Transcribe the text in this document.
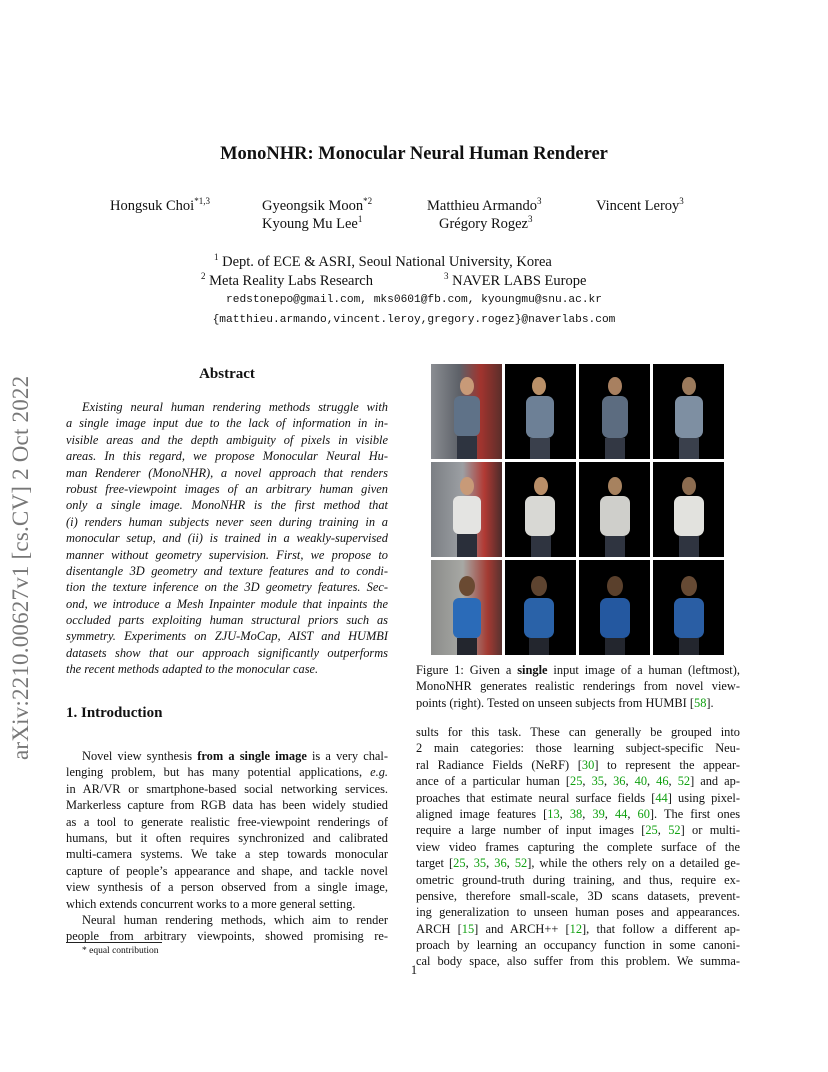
arXiv:2210.00627v1 [cs.CV] 2 Oct 2022
MonoNHR: Monocular Neural Human Renderer
Hongsuk Choi$^{*1,3}$	Gyeongsik Moon$^{*2}$	Matthieu Armando$^3$	Vincent Leroy$^3$
Kyoung Mu Lee$^1$	Grégory Rogez$^3$
$^1$ Dept. of ECE & ASRI, Seoul National University, Korea
$^2$ Meta Reality Labs Research	$^3$ NAVER LABS Europe
redstonepo@gmail.com, mks0601@fb.com, kyoungmu@snu.ac.kr
{matthieu.armando,vincent.leroy,gregory.rogez}@naverlabs.com
Abstract
Existing neural human rendering methods struggle with
a single image input due to the lack of information in in-
visible areas and the depth ambiguity of pixels in visible
areas. In this regard, we propose Monocular Neural Hu-
man Renderer (MonoNHR), a novel approach that renders
robust free-viewpoint images of an arbitrary human given
only a single image. MonoNHR is the first method that
(i) renders human subjects never seen during training in a
monocular setup, and (ii) is trained in a weakly-supervised
manner without geometry supervision. First, we propose to
disentangle 3D geometry and texture features and to condi-
tion the texture inference on the 3D geometry features. Sec-
ond, we introduce a Mesh Inpainter module that inpaints the
occluded parts exploiting human structural priors such as
symmetry. Experiments on ZJU-MoCap, AIST and HUMBI
datasets show that our approach significantly outperforms
the recent methods adapted to the monocular case.
1. Introduction
Novel view synthesis from a single image is a very chal-
lenging problem, but has many potential applications, e.g.
in AR/VR or smartphone-based social networking services.
Markerless capture from RGB data has been widely studied
as a tool to generate realistic free-viewpoint renderings of
humans, but it often requires synchronized and calibrated
multi-camera systems. We take a step towards monocular
capture of people’s appearance and shape, and tackle novel
view synthesis of a person observed from a single image,
which extends concurrent works to a more general setting.
Neural human rendering methods, which aim to render
people from arbitrary viewpoints, showed promising re-
* equal contribution
Figure 1: Given a single input image of a human (leftmost),
MonoNHR generates realistic renderings from novel view-
points (right). Tested on unseen subjects from HUMBI [58].
sults for this task. These can generally be grouped into
2 main categories: those learning subject-specific Neu-
ral Radiance Fields (NeRF) [30] to represent the appear-
ance of a particular human [25, 35, 36, 40, 46, 52] and ap-
proaches that estimate neural surface fields [44] using pixel-
aligned image features [13, 38, 39, 44, 60]. The first ones
require a large number of input images [25, 52] or multi-
view video frames capturing the complete surface of the
target [25, 35, 36, 52], while the others rely on a detailed ge-
ometric ground-truth during training, and thus, require ex-
pensive, therefore small-scale, 3D scans datasets, prevent-
ing generalization to unseen human poses and appearances.
ARCH [15] and ARCH++ [12], that follow a different ap-
proach by learning an occupancy function in some canoni-
cal body space, also suffer from this problem. We summa-
1
